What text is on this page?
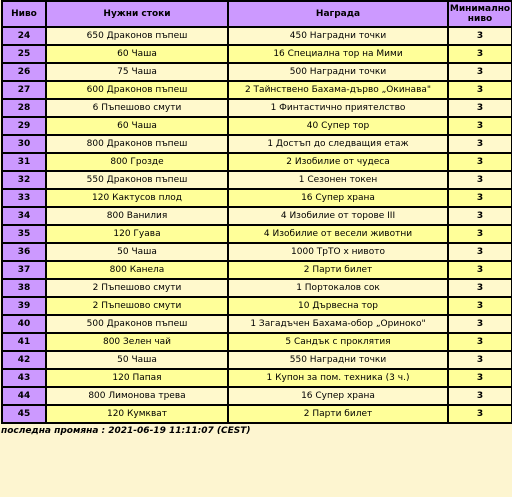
Ниво	Нужни стоки	Награда	Минимално ниво
24	650 Драконов пъпеш	450 Наградни точки	3
25	60 Чаша	16 Специална тор на Мими	3
26	75 Чаша	500 Наградни точки	3
27	600 Драконов пъпеш	2 Тайнствено Бахама-дърво „Окинава"	3
28	6 Пъпешово смути	1 Финтастично приятелство	3
29	60 Чаша	40 Супер тор	3
30	800 Драконов пъпеш	1 Достъп до следващия етаж	3
31	800 Грозде	2 Изобилие от чудеса	3
32	550 Драконов пъпеш	1 Сезонен токен	3
33	120 Кактусов плод	16 Супер храна	3
34	800 Ванилия	4 Изобилие от торове III	3
35	120 Гуава	4 Изобилие от весели животни	3
36	50 Чаша	1000 ТрТО х нивото	3
37	800 Канела	2 Парти билет	3
38	2 Пъпешово смути	1 Портокалов сок	3
39	2 Пъпешово смути	10 Дървесна тор	3
40	500 Драконов пъпеш	1 Загадъчен Бахама-обор „Ориноко"	3
41	800 Зелен чай	5 Сандък с проклятия	3
42	50 Чаша	550 Наградни точки	3
43	120 Папая	1 Купон за пом. техника (3 ч.)	3
44	800 Лимонова трева	16 Супер храна	3
45	120 Кумкват	2 Парти билет	3
последна промяна : 2021-06-19 11:11:07 (CEST)
